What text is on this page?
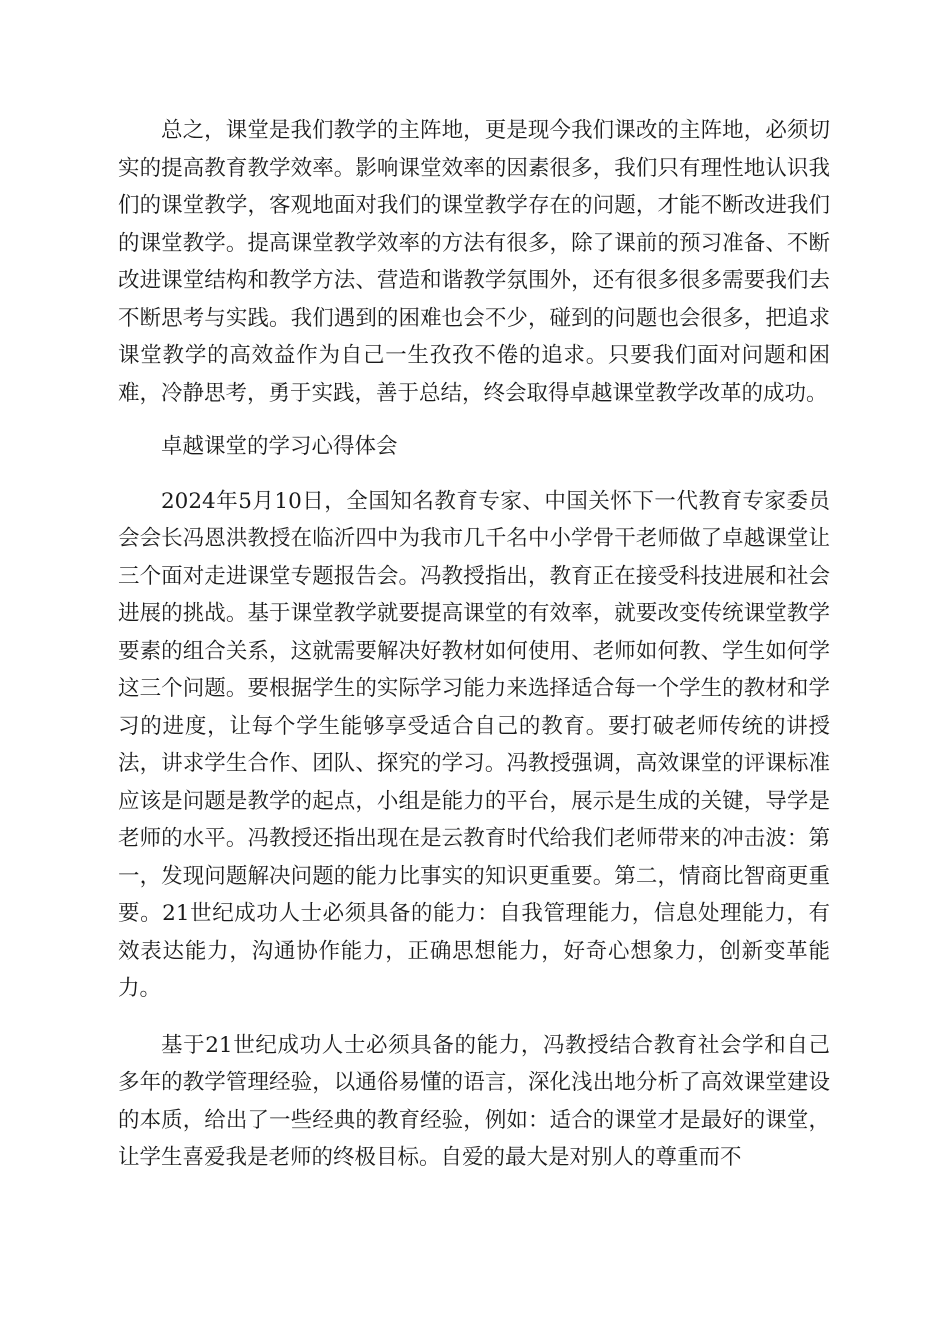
总之，课堂是我们教学的主阵地，更是现今我们课改的主阵地，必须切实的提高教育教学效率。影响课堂效率的因素很多，我们只有理性地认识我们的课堂教学，客观地面对我们的课堂教学存在的问题，才能不断改进我们的课堂教学。提高课堂教学效率的方法有很多，除了课前的预习准备、不断改进课堂结构和教学方法、营造和谐教学氛围外，还有很多很多需要我们去不断思考与实践。我们遇到的困难也会不少，碰到的问题也会很多，把追求课堂教学的高效益作为自己一生孜孜不倦的追求。只要我们面对问题和困难，冷静思考，勇于实践，善于总结，终会取得卓越课堂教学改革的成功。

卓越课堂的学习心得体会

2024年5月10日，全国知名教育专家、中国关怀下一代教育专家委员会会长冯恩洪教授在临沂四中为我市几千名中小学骨干老师做了卓越课堂让三个面对走进课堂专题报告会。冯教授指出，教育正在接受科技进展和社会进展的挑战。基于课堂教学就要提高课堂的有效率，就要改变传统课堂教学要素的组合关系，这就需要解决好教材如何使用、老师如何教、学生如何学这三个问题。要根据学生的实际学习能力来选择适合每一个学生的教材和学习的进度，让每个学生能够享受适合自己的教育。要打破老师传统的讲授法，讲求学生合作、团队、探究的学习。冯教授强调，高效课堂的评课标准应该是问题是教学的起点，小组是能力的平台，展示是生成的关键，导学是老师的水平。冯教授还指出现在是云教育时代给我们老师带来的冲击波：第一，发现问题解决问题的能力比事实的知识更重要。第二，情商比智商更重要。21世纪成功人士必须具备的能力：自我管理能力，信息处理能力，有效表达能力，沟通协作能力，正确思想能力，好奇心想象力，创新变革能力。

基于21世纪成功人士必须具备的能力，冯教授结合教育社会学和自己多年的教学管理经验，以通俗易懂的语言，深化浅出地分析了高效课堂建设的本质，给出了一些经典的教育经验，例如：适合的课堂才是最好的课堂，让学生喜爱我是老师的终极目标。自爱的最大是对别人的尊重而不
